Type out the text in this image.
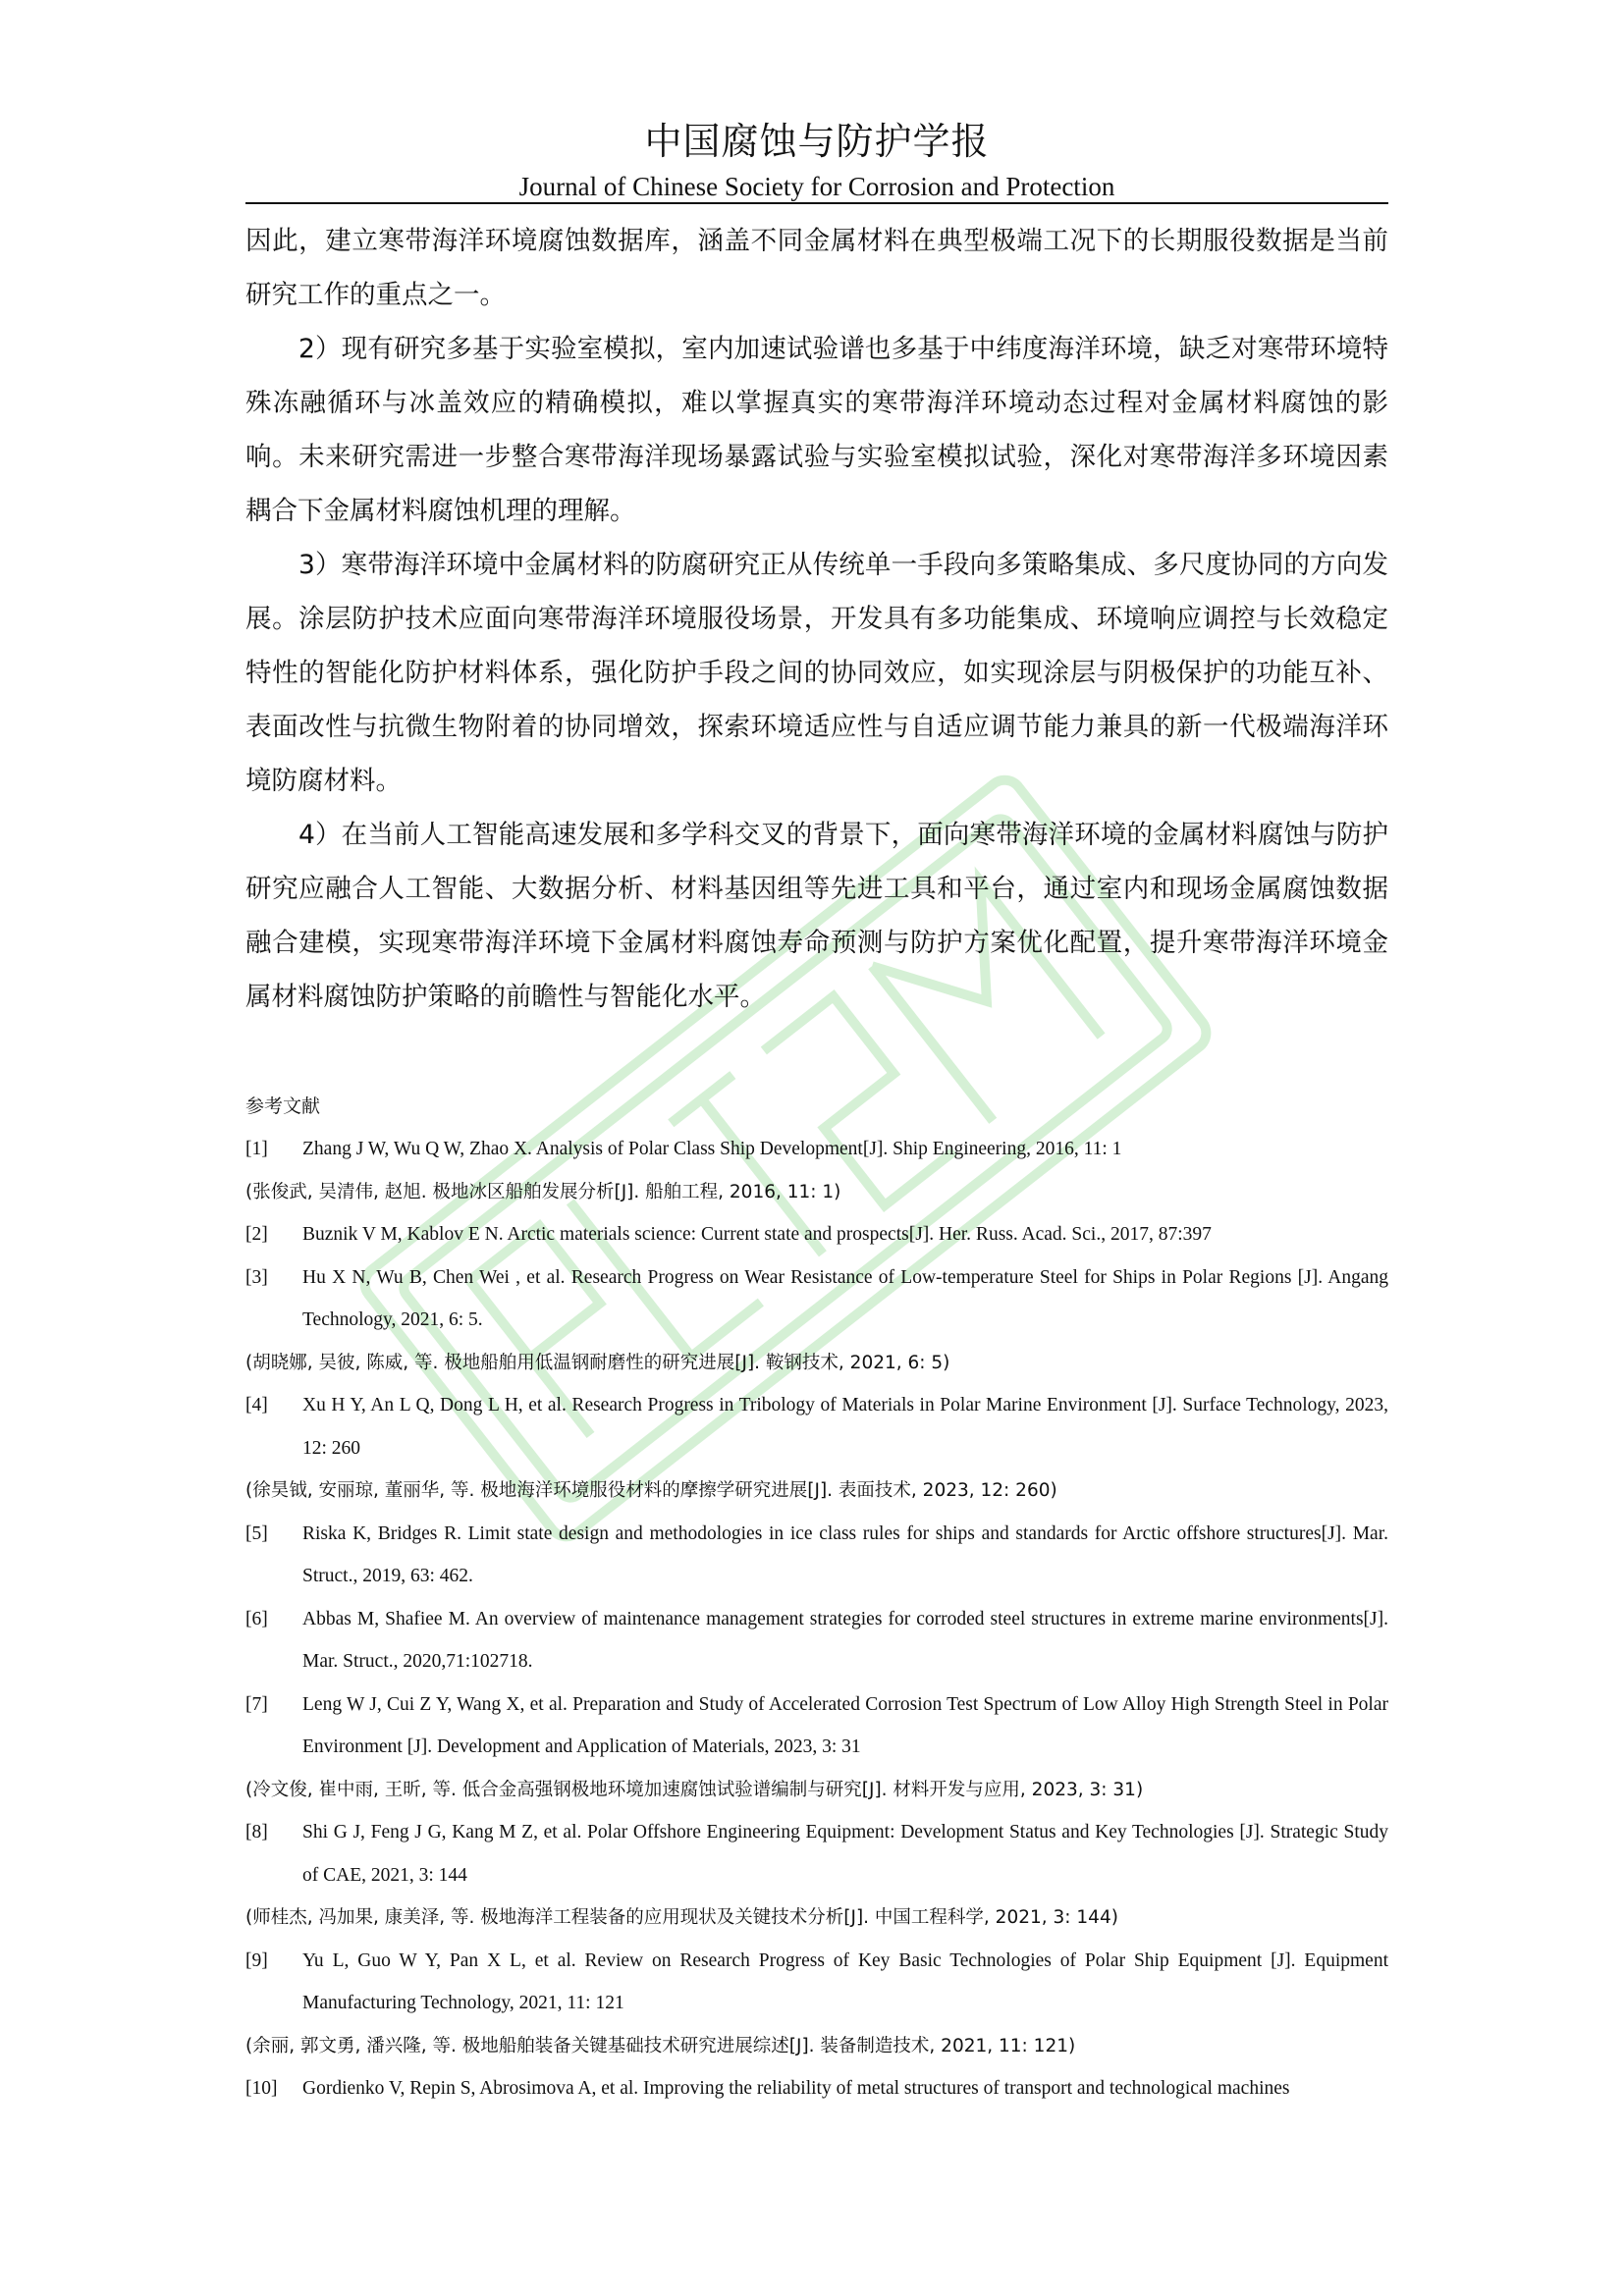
中国腐蚀与防护学报
Journal of Chinese Society for Corrosion and Protection

因此，建立寒带海洋环境腐蚀数据库，涵盖不同金属材料在典型极端工况下的长期服役数据是当前研究工作的重点之一。

2）现有研究多基于实验室模拟，室内加速试验谱也多基于中纬度海洋环境，缺乏对寒带环境特殊冻融循环与冰盖效应的精确模拟，难以掌握真实的寒带海洋环境动态过程对金属材料腐蚀的影响。未来研究需进一步整合寒带海洋现场暴露试验与实验室模拟试验，深化对寒带海洋多环境因素耦合下金属材料腐蚀机理的理解。

3）寒带海洋环境中金属材料的防腐研究正从传统单一手段向多策略集成、多尺度协同的方向发展。涂层防护技术应面向寒带海洋环境服役场景，开发具有多功能集成、环境响应调控与长效稳定特性的智能化防护材料体系，强化防护手段之间的协同效应，如实现涂层与阴极保护的功能互补、表面改性与抗微生物附着的协同增效，探索环境适应性与自适应调节能力兼具的新一代极端海洋环境防腐材料。

4）在当前人工智能高速发展和多学科交叉的背景下，面向寒带海洋环境的金属材料腐蚀与防护研究应融合人工智能、大数据分析、材料基因组等先进工具和平台，通过室内和现场金属腐蚀数据融合建模，实现寒带海洋环境下金属材料腐蚀寿命预测与防护方案优化配置，提升寒带海洋环境金属材料腐蚀防护策略的前瞻性与智能化水平。

参考文献

[1]	Zhang J W, Wu Q W, Zhao X. Analysis of Polar Class Ship Development[J]. Ship Engineering, 2016, 11: 1

(张俊武, 吴清伟, 赵旭. 极地冰区船舶发展分析[J]. 船舶工程, 2016, 11: 1)

[2]	Buznik V M, Kablov E N. Arctic materials science: Current state and prospects[J]. Her. Russ. Acad. Sci., 2017, 87:397

[3]	Hu X N, Wu B, Chen Wei , et al. Research Progress on Wear Resistance of Low-temperature Steel for Ships in Polar Regions [J]. Angang Technology, 2021, 6: 5.

(胡晓娜, 吴彼, 陈威, 等. 极地船舶用低温钢耐磨性的研究进展[J]. 鞍钢技术, 2021, 6: 5)

[4]	Xu H Y, An L Q, Dong L H, et al. Research Progress in Tribology of Materials in Polar Marine Environment [J]. Surface Technology, 2023, 12: 260

(徐昊钺, 安丽琼, 董丽华, 等. 极地海洋环境服役材料的摩擦学研究进展[J]. 表面技术, 2023, 12: 260)

[5]	Riska K, Bridges R. Limit state design and methodologies in ice class rules for ships and standards for Arctic offshore structures[J]. Mar. Struct., 2019, 63: 462.

[6]	Abbas M, Shafiee M. An overview of maintenance management strategies for corroded steel structures in extreme marine environments[J]. Mar. Struct., 2020,71:102718.

[7]	Leng W J, Cui Z Y, Wang X, et al. Preparation and Study of Accelerated Corrosion Test Spectrum of Low Alloy High Strength Steel in Polar Environment [J]. Development and Application of Materials, 2023, 3: 31

(冷文俊, 崔中雨, 王昕, 等. 低合金高强钢极地环境加速腐蚀试验谱编制与研究[J]. 材料开发与应用, 2023, 3: 31)

[8]	Shi G J, Feng J G, Kang M Z, et al. Polar Offshore Engineering Equipment: Development Status and Key Technologies [J]. Strategic Study of CAE, 2021, 3: 144

(师桂杰, 冯加果, 康美泽, 等. 极地海洋工程装备的应用现状及关键技术分析[J]. 中国工程科学, 2021, 3: 144)

[9]	Yu L, Guo W Y, Pan X L, et al. Review on Research Progress of Key Basic Technologies of Polar Ship Equipment [J]. Equipment Manufacturing Technology, 2021, 11: 121

(余丽, 郭文勇, 潘兴隆, 等. 极地船舶装备关键基础技术研究进展综述[J]. 装备制造技术, 2021, 11: 121)

[10]	Gordienko V, Repin S, Abrosimova A, et al. Improving the reliability of metal structures of transport and technological machines
